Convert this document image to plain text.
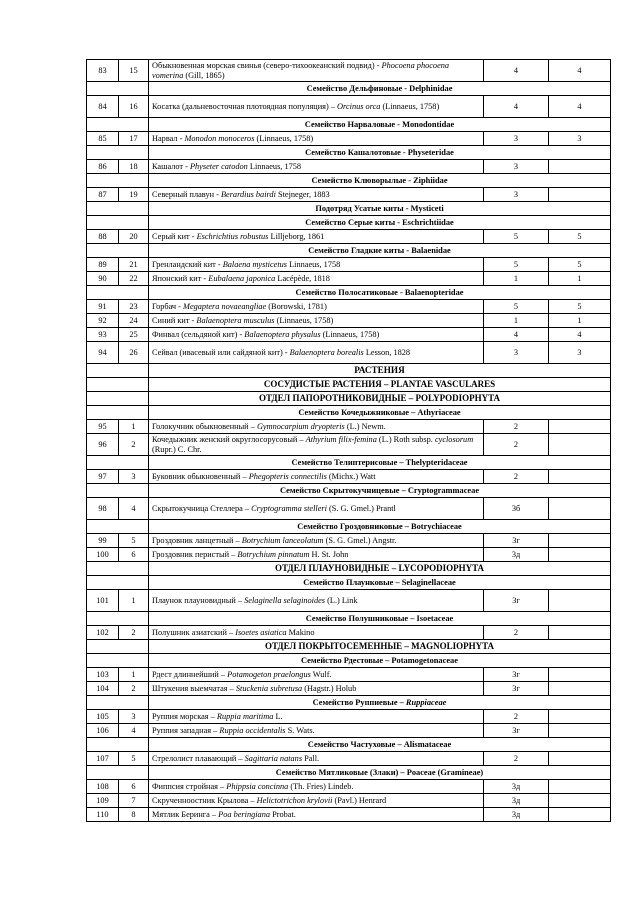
83	15	Обыкновенная морская свинья (северо-тихоокеанский подвид) - Phocoena phocoena vomerina (Gill, 1865)	4	4
		Семейство Дельфиновые - Delphinidae		
84	16	Косатка (дальневосточная плотоядная популяция) – Orcinus orca (Linnaeus, 1758)	4	4
		Семейство Нарваловые - Monodontidae		
85	17	Нарвал - Monodon monoceros (Linnaeus, 1758)	3	3
		Семейство Кашалотовые - Physeteridae		
86	18	Кашалот - Physeter catodon Linnaeus, 1758	3	
		Семейство Клюворылые - Ziphiidae		
87	19	Северный плавун - Berardius bairdi Stejneger, 1883	3	
		Подотряд Усатые киты - Mysticeti		
		Семейство Серые киты - Eschrichtiidae		
88	20	Серый кит - Eschrichtius robustus Lilljeborg, 1861	5	5
		Семейство Гладкие киты - Balaenidae		
89	21	Гренландский кит - Balaena mysticetus Linnaeus, 1758	5	5
90	22	Японский кит - Eubalaena japonica Lacépède, 1818	1	1
		Семейство Полосатиковые - Balaenopteridae		
91	23	Горбач - Megaptera novaeangliae (Borowski, 1781)	5	5
92	24	Синий кит - Balaenoptera musculus (Linnaeus, 1758)	1	1
93	25	Финвал (сельдяной кит) - Balaenoptera physalus (Linnaeus, 1758)	4	4
94	26	Сейвал (ивасевый или сайдяной кит) - Balaenoptera borealis Lesson, 1828	3	3
		РАСТЕНИЯ		
		СОСУДИСТЫЕ РАСТЕНИЯ – PLANTAE VASCULARES		
		ОТДЕЛ ПАПОРОТНИКОВИДНЫЕ – POLYPODIOPHYTA		
		Семейство Кочедыжниковые – Athyriaceae		
95	1	Голокучник обыкновенный – Gymnocarpium dryopteris (L.) Newm.	2	
96	2	Кочедыжник женский округлосорусовый – Athyrium filix-femina (L.) Roth subsp. cyclosorum (Rupr.) C. Chr.	2	
		Семейство Телиптерисовые – Thelypteridaceae		
97	3	Буковник обыкновенный – Phegopteris connectilis (Michx.) Watt	2	
		Семейство Скрытокучницевые – Cryptogrammaceae		
98	4	Скрытокучница Стеллера – Cryptogramma stelleri (S. G. Gmel.) Prantl	3б	
		Семейство Гроздовниковые – Botrychiaceae		
99	5	Гроздовник ланцетный – Botrychium lanceolatum (S. G. Gmel.) Angstr.	3г	
100	6	Гроздовник перистый – Botrychium pinnatum H. St. John	3д	
		ОТДЕЛ ПЛАУНОВИДНЫЕ – LYCOPODIOPHYTA		
		Семейство Плаунковые – Selaginellaceae		
101	1	Плаунок плауновидный – Selaginella selaginoides (L.) Link	3г	
		Семейство Полушниковые – Isoetaceae		
102	2	Полушник азиатский – Isoetes asiatica Makino	2	
		ОТДЕЛ ПОКРЫТОСЕМЕННЫЕ – MAGNOLIOPHYTA		
		Семейство Рдестовые – Potamogetonaceae		
103	1	Рдест длиннейший – Potamogeton praelongus Wulf.	3г	
104	2	Штукения выемчатая – Stuckenia subretusa (Hagstr.) Holub	3г	
		Семейство Руппиевые – Ruppiaceae		
105	3	Руппия морская – Ruppia maritima L.	2	
106	4	Руппия западная – Ruppia occidentalis S. Wats.	3г	
		Семейство Частуховые – Alismataceae		
107	5	Стрелолист плавающий – Sagittaria natans Pall.	2	
		Семейство Мятликовые (Злаки) – Poaceae (Gramineae)		
108	6	Фиппсия стройная – Phippsia concinna (Th. Fries) Lindeb.	3д	
109	7	Скрученноостник Крылова – Helictotrichon krylovii (Pavl.) Henrard	3д	
110	8	Мятлик Беринга – Poa beringiana Probat.	3д	
